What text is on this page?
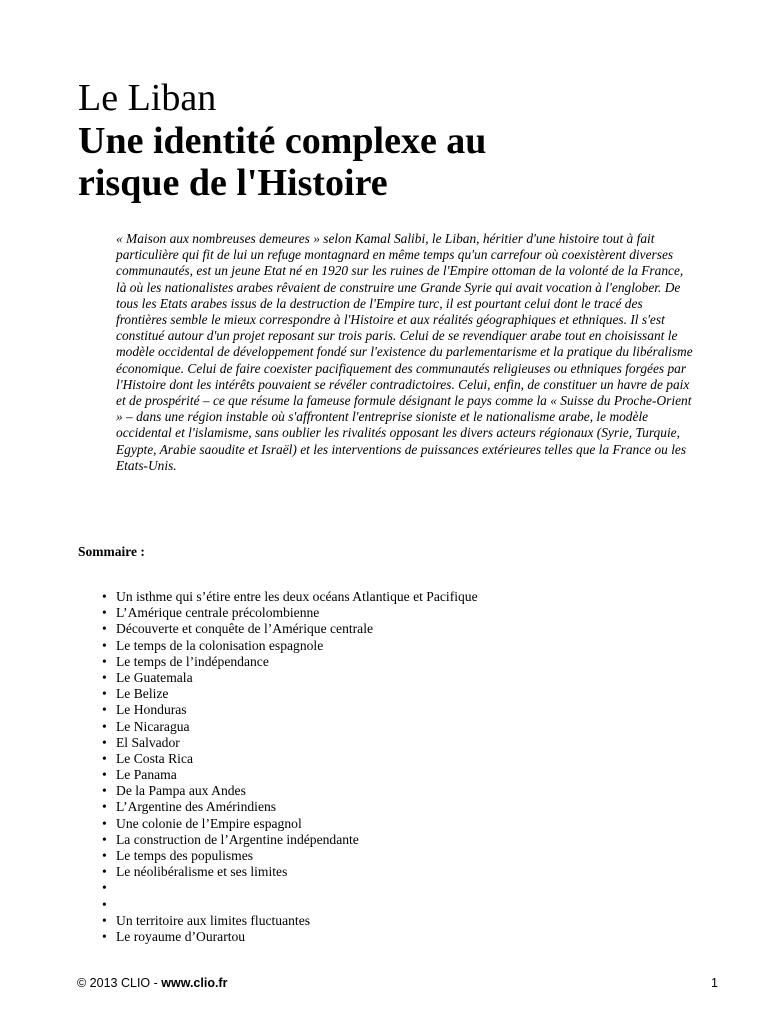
Le Liban
Une identité complexe au
risque de l'Histoire

« Maison aux nombreuses demeures » selon Kamal Salibi, le Liban, héritier d'une histoire tout à fait particulière qui fit de lui un refuge montagnard en même temps qu'un carrefour où coexistèrent diverses communautés, est un jeune Etat né en 1920 sur les ruines de l'Empire ottoman de la volonté de la France, là où les nationalistes arabes rêvaient de construire une Grande Syrie qui avait vocation à l'englober. De tous les Etats arabes issus de la destruction de l'Empire turc, il est pourtant celui dont le tracé des frontières semble le mieux correspondre à l'Histoire et aux réalités géographiques et ethniques. Il s'est constitué autour d'un projet reposant sur trois paris. Celui de se revendiquer arabe tout en choisissant le modèle occidental de développement fondé sur l'existence du parlementarisme et la pratique du libéralisme économique. Celui de faire coexister pacifiquement des communautés religieuses ou ethniques forgées par l'Histoire dont les intérêts pouvaient se révéler contradictoires. Celui, enfin, de constituer un havre de paix et de prospérité – ce que résume la fameuse formule désignant le pays comme la « Suisse du Proche-Orient » – dans une région instable où s'affrontent l'entreprise sioniste et le nationalisme arabe, le modèle occidental et l'islamisme, sans oublier les rivalités opposant les divers acteurs régionaux (Syrie, Turquie, Egypte, Arabie saoudite et Israël) et les interventions de puissances extérieures telles que la France ou les Etats-Unis.

Sommaire :

• Un isthme qui s’étire entre les deux océans Atlantique et Pacifique
• L’Amérique centrale précolombienne
• Découverte et conquête de l’Amérique centrale
• Le temps de la colonisation espagnole
• Le temps de l’indépendance
• Le Guatemala
• Le Belize
• Le Honduras
• Le Nicaragua
• El Salvador
• Le Costa Rica
• Le Panama
• De la Pampa aux Andes
• L’Argentine des Amérindiens
• Une colonie de l’Empire espagnol
• La construction de l’Argentine indépendante
• Le temps des populismes
• Le néolibéralisme et ses limites
•
•
• Un territoire aux limites fluctuantes
• Le royaume d’Ourartou
© 2013 CLIO - www.clio.fr	1
